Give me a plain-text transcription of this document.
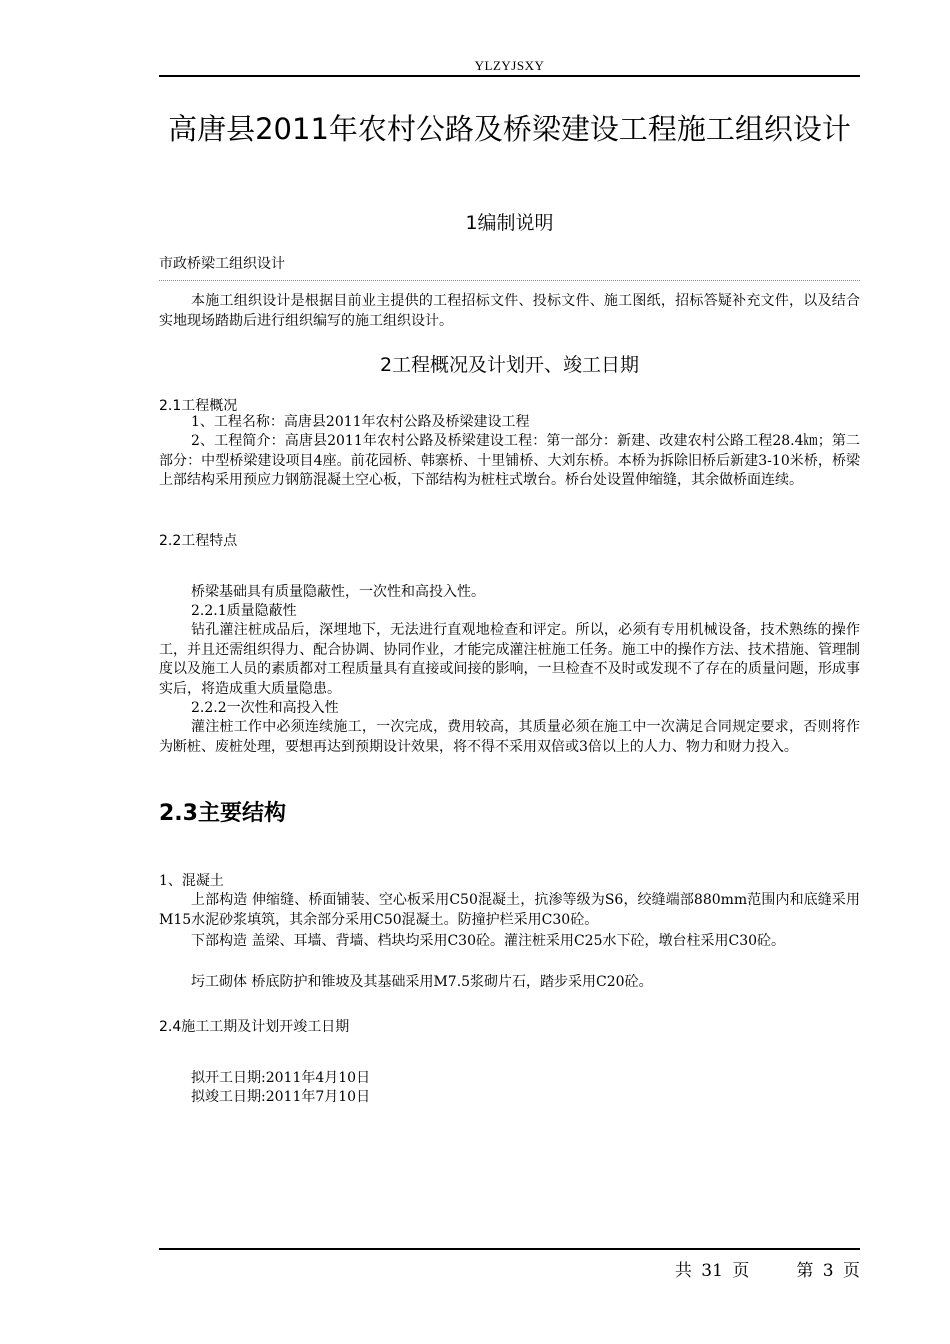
YLZYJSXY
高唐县2011年农村公路及桥梁建设工程施工组织设计
1编制说明
市政桥梁工组织设计
本施工组织设计是根据目前业主提供的工程招标文件、投标文件、施工图纸，招标答疑补充文件，以及结合实地现场踏勘后进行组织编写的施工组织设计。
2工程概况及计划开、竣工日期
2.1工程概况
1、工程名称：高唐县2011年农村公路及桥梁建设工程
2、工程简介：高唐县2011年农村公路及桥梁建设工程：第一部分：新建、改建农村公路工程28.4㎞；第二部分：中型桥梁建设项目4座。前花园桥、韩寨桥、十里铺桥、大刘东桥。本桥为拆除旧桥后新建3-10米桥，桥梁上部结构采用预应力钢筋混凝土空心板，下部结构为桩柱式墩台。桥台处设置伸缩缝，其余做桥面连续。
2.2工程特点
桥梁基础具有质量隐蔽性，一次性和高投入性。
2.2.1质量隐蔽性
钻孔灌注桩成品后，深埋地下，无法进行直观地检查和评定。所以，必须有专用机械设备，技术熟练的操作工，并且还需组织得力、配合协调、协同作业，才能完成灌注桩施工任务。施工中的操作方法、技术措施、管理制度以及施工人员的素质都对工程质量具有直接或间接的影响，一旦检查不及时或发现不了存在的质量问题，形成事实后，将造成重大质量隐患。
2.2.2一次性和高投入性
灌注桩工作中必须连续施工，一次完成，费用较高，其质量必须在施工中一次满足合同规定要求，否则将作为断桩、废桩处理，要想再达到预期设计效果，将不得不采用双倍或3倍以上的人力、物力和财力投入。
2.3主要结构
1、混凝土
上部构造 伸缩缝、桥面铺装、空心板采用C50混凝土，抗渗等级为S6，绞缝端部880mm范围内和底缝采用M15水泥砂浆填筑，其余部分采用C50混凝土。防撞护栏采用C30砼。
下部构造 盖梁、耳墙、背墙、档块均采用C30砼。灌注桩采用C25水下砼，墩台柱采用C30砼。
圬工砌体 桥底防护和锥坡及其基础采用M7.5浆砌片石，踏步采用C20砼。
2.4施工工期及计划开竣工日期
拟开工日期:2011年4月10日
拟竣工日期:2011年7月10日
共 31 页	第 3 页
